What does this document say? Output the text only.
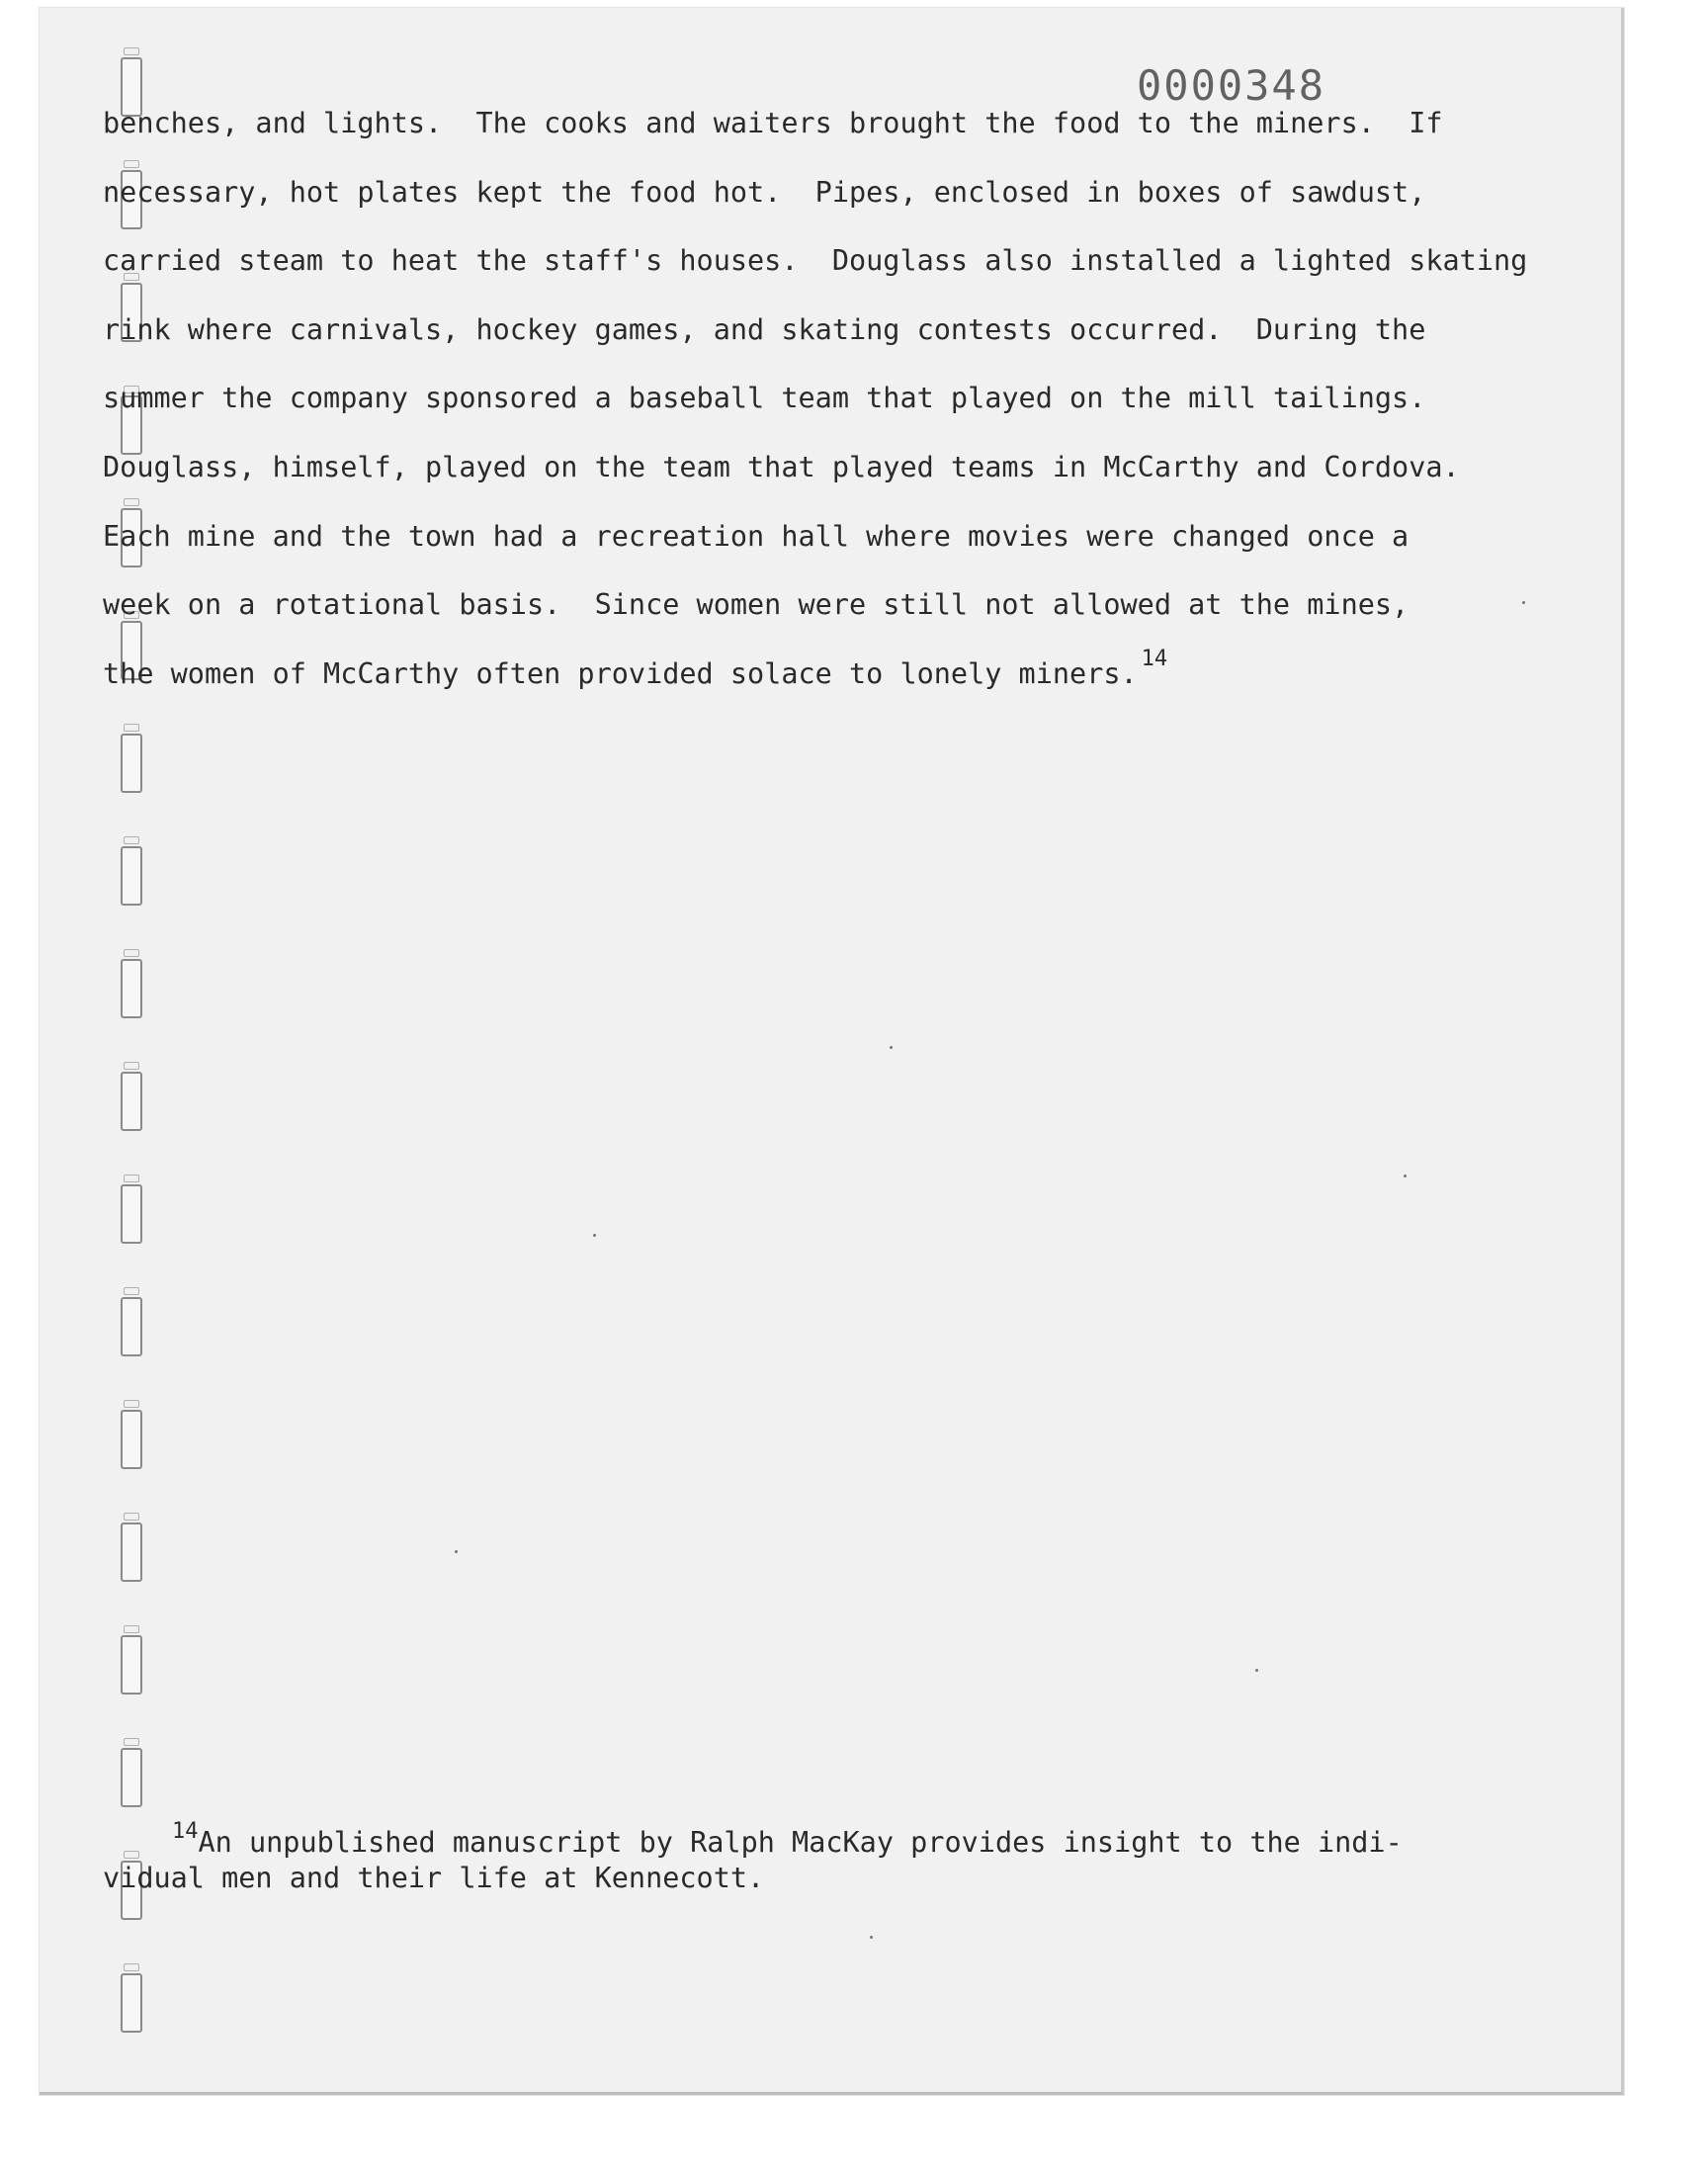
0000348
benches, and lights.  The cooks and waiters brought the food to the miners.  If
necessary, hot plates kept the food hot.  Pipes, enclosed in boxes of sawdust,
carried steam to heat the staff's houses.  Douglass also installed a lighted skating
rink where carnivals, hockey games, and skating contests occurred.  During the
summer the company sponsored a baseball team that played on the mill tailings.
Douglass, himself, played on the team that played teams in McCarthy and Cordova.
Each mine and the town had a recreation hall where movies were changed once a
week on a rotational basis.  Since women were still not allowed at the mines,
the women of McCarthy often provided solace to lonely miners. $^{14}$
$^{14}$An unpublished manuscript by Ralph MacKay provides insight to the indi-
vidual men and their life at Kennecott.
